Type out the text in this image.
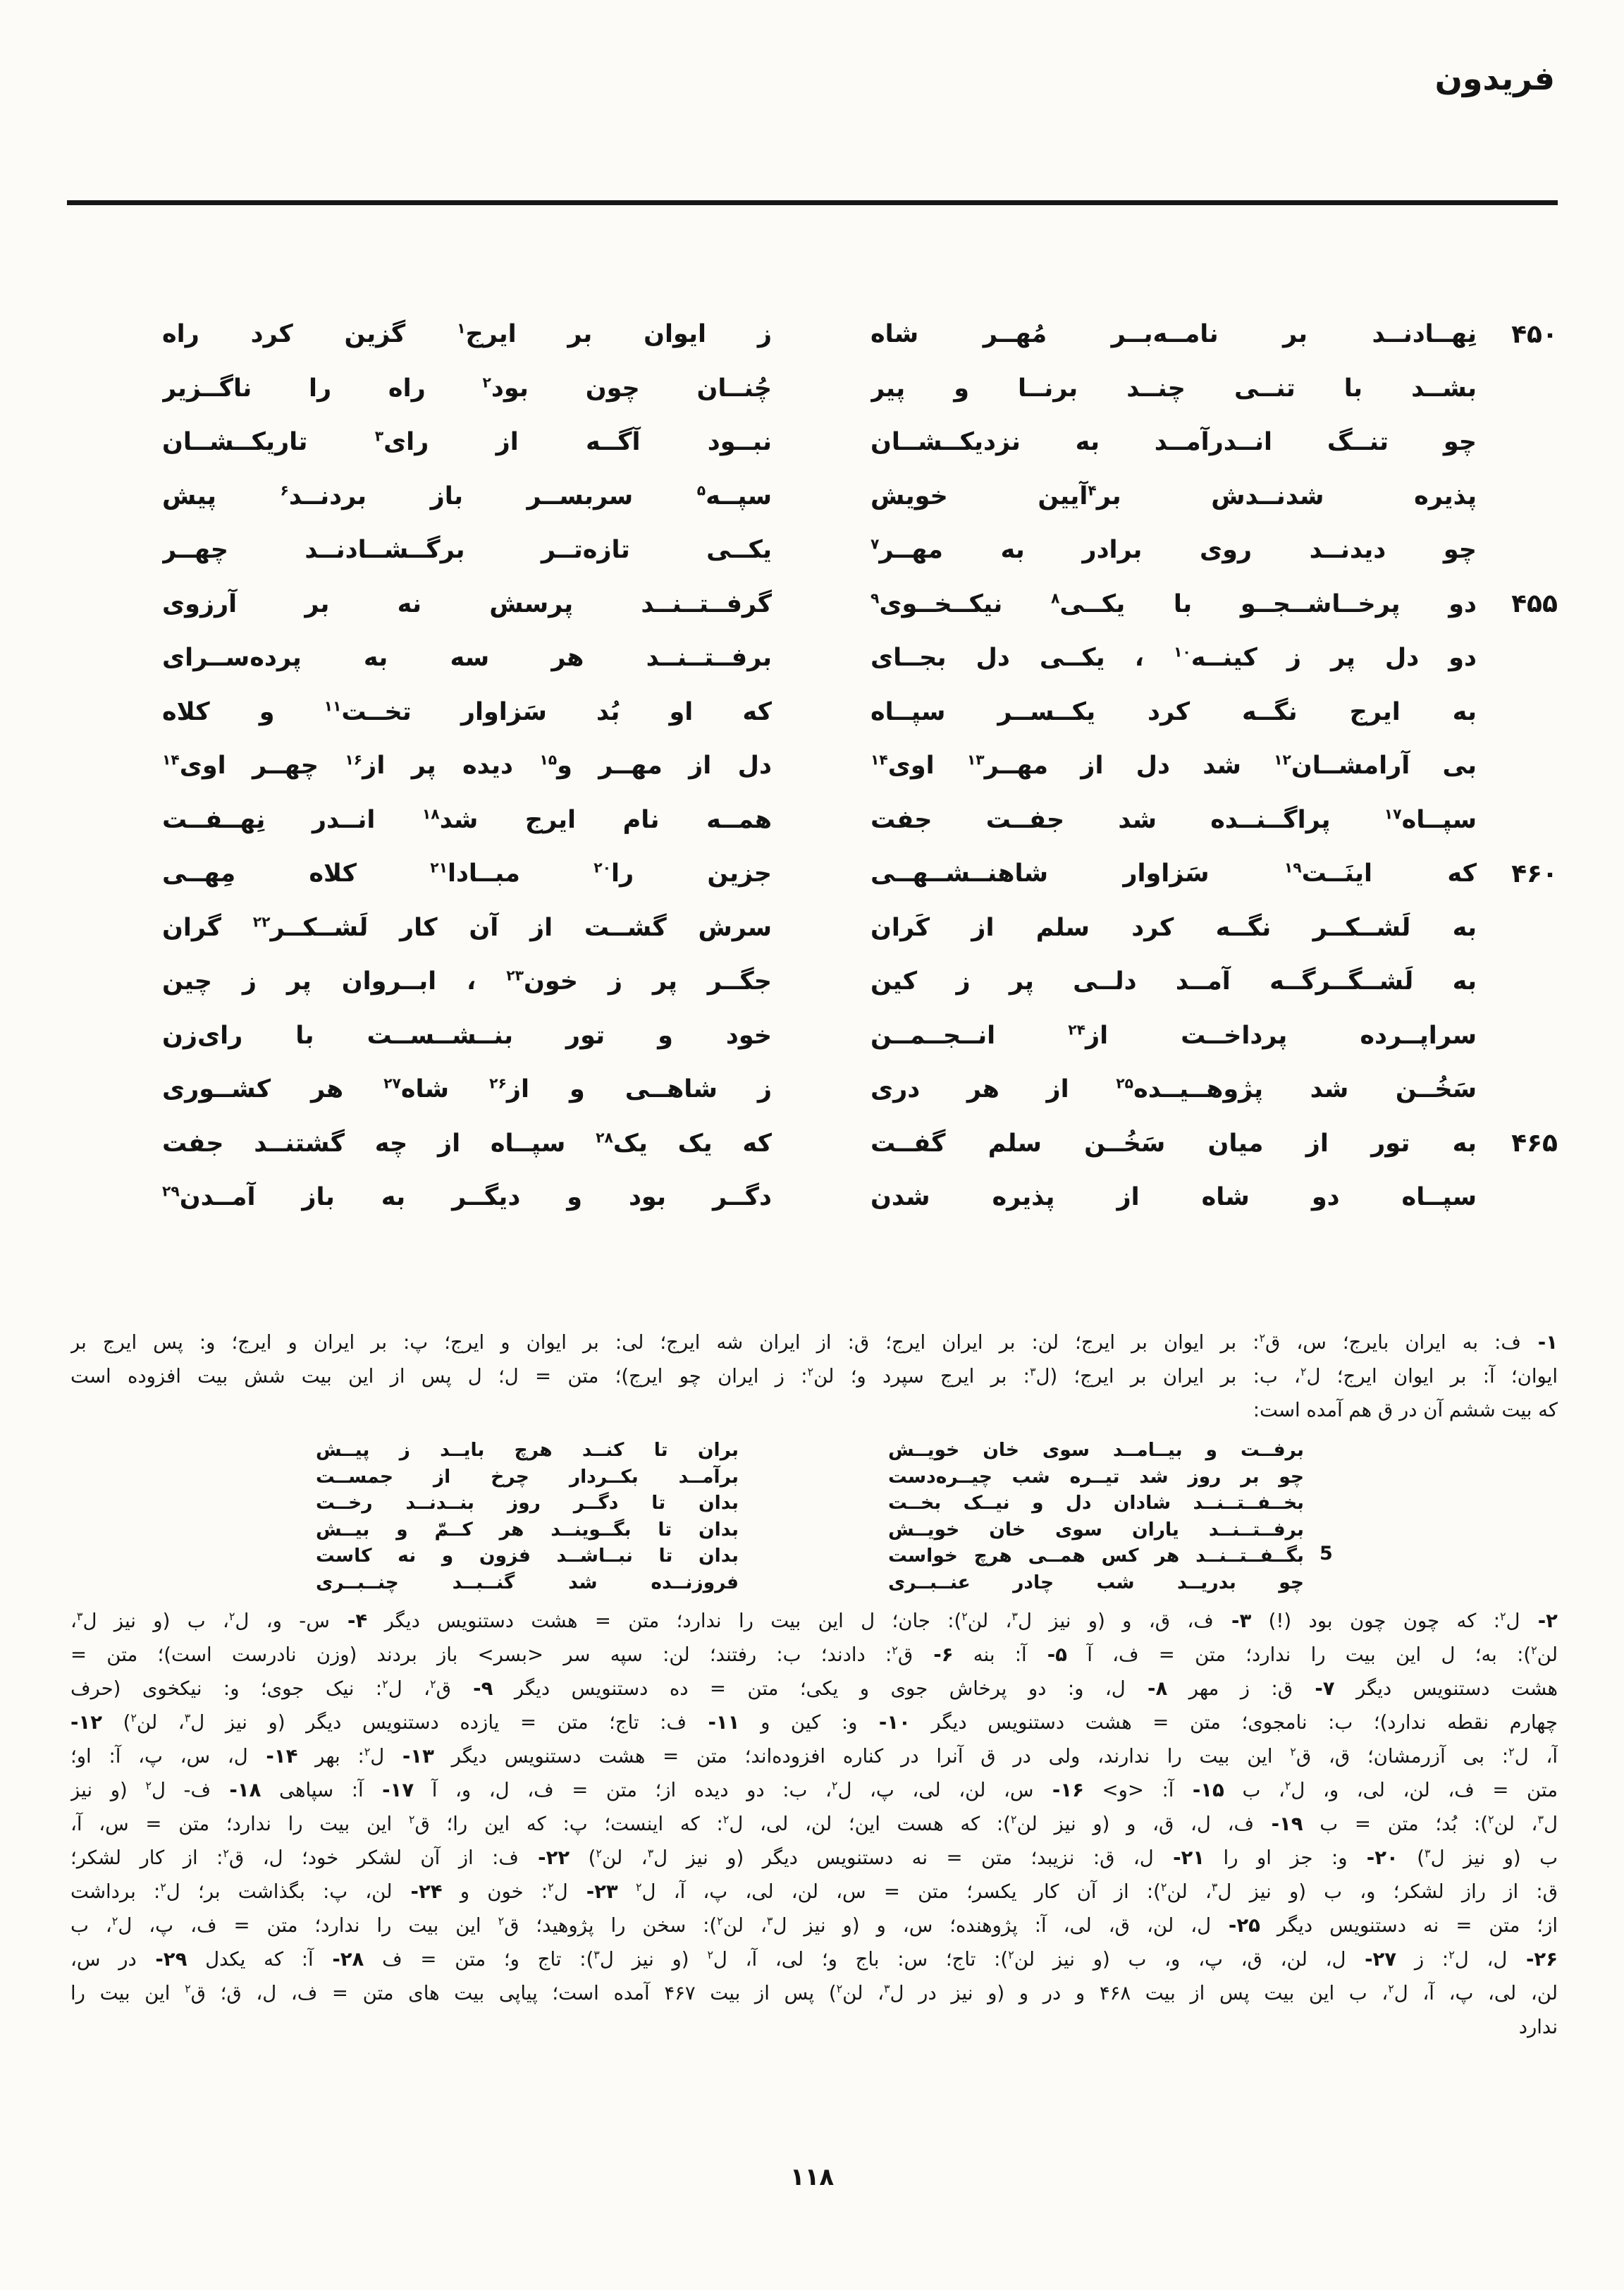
فریدون
۴۵۰
نِهــادنــد بر نامــه‌بــر مُهــر شاه
ز ایوان بر ایرج$^۱$ گزین کرد راه
بشــد با تنــی چنــد برنــا و پیر
چُنــان چون بود$^۲$ راه را ناگــزیر
چو تنــگ انــدرآمــد به نزدیکــشــان
نبــود آگــه از رای$^۳$ تاریکــشــان
پذیره شدنــدش بر$^۴$آیین خویش
سپــه$^۵$ سربســر باز بردنــد$^۶$ پیش
چو دیدنــد روی برادر به مهــر$^۷$
یکــی تازه‌تــر برگــشــادنــد چهــر
۴۵۵
دو پرخــاشــجــو با یکــی$^۸$ نیکــخــوی$^۹$
گرفــتــنــد پرسش نه بر آرزوی
دو دل پر ز کینــه$^{۱۰}$ ، یکــی دل بجــای
برفــتــنــد هر سه به پرده‌ســرای
به ایرج نگــه کرد یکــســر سپــاه
که او بُد سَزاوار تخــت$^{۱۱}$ و کلاه
بی آرامشــان$^{۱۲}$ شد دل از مهــر$^{۱۳}$ اوی$^{۱۴}$
دل از مهــر و$^{۱۵}$ دیده پر از$^{۱۶}$ چهــر اوی$^{۱۴}$
سپــاه$^{۱۷}$ پراگــنــده شد جفــت جفت
همــه نام ایرج شد$^{۱۸}$ انــدر نِهــفــت
۴۶۰
که اینَــت$^{۱۹}$ سَزاوار شاهنــشــهــی
جزین را$^{۲۰}$ مبــادا$^{۲۱}$ کلاه مِهــی
به لَشــکــر نگــه کرد سلم از کَران
سرش گشــت از آن کار لَشــکــر$^{۲۲}$ گران
به لَشــگــرگــه آمــد دلــی پر ز کین
جگــر پر ز خون$^{۲۳}$ ، ابــروان پر ز چین
سراپــرده پرداخــت از$^{۲۴}$ انــجــمــن
خود و تور بنــشــســت با رای‌زن
سَخُــن شد پژوهــیــده$^{۲۵}$ از هر دری
ز شاهــی و از$^{۲۶}$ شاه$^{۲۷}$ هر کشــوری
۴۶۵
به تور از میان سَخُــن سلم گفــت
که یک یک$^{۲۸}$ سپــاه از چه گشتنــد جفت
سپــاه دو شاه از پذیره شدن
دگــر بود و دیگــر به باز آمــدن$^{۲۹}$
۱- ف: به ایران بایرج؛ س، ق$^۲$: بر ایوان بر ایرج؛ لن: بر ایران ایرج؛ ق: از ایران شه ایرج؛ لی: بر ایوان و ایرج؛ پ: بر ایران و ایرج؛ و: پس ایرج بر
ایوان؛ آ: بر ایوان ایرج؛ ل$^۲$، ب: بر ایران بر ایرج؛ (ل$^۳$: بر ایرج سپرد و؛ لن$^۲$: ز ایران چو ایرج)؛ متن = ل؛ ل پس از این بیت شش بیت افزوده است
که بیت ششم آن در ق هم آمده است:
5
برفــت و بیــامــد سوی خان خویــش
بران تا کنــد هرچ بایــد ز پیــش
چو بر روز شد تیــره شب چیــره‌دست
برآمــد بکــردار چرخ از جمســت
بخــفــتــنــد شادان دل و نیــک بخــت
بدان تا دگــر روز بنــدنــد رخــت
برفــتــنــد یاران سوی خان خویــش
بدان تا بگــوینــد هر کــمّ و بیــش
بگــفــتــنــد هر کس همــی هرچ خواست
بدان تا نبــاشــد فزون و نه کاست
چو بدریــد شب چادر عنــبــری
فروزنــده شد گنــبــد چنــبــری
۲- ل$^۲$: که چون چون بود (!) ۳- ف، ق، و (و نیز ل$^۳$، لن$^۲$): جان؛ ل این بیت را ندارد؛ متن = هشت دستنویس دیگر ۴- س- و، ل$^۲$، ب (و نیز ل$^۳$،
لن$^۲$): به؛ ل این بیت را ندارد؛ متن = ف، آ ۵- آ: بنه ۶- ق$^۲$: دادند؛ ب: رفتند؛ لن: سپه سر <بسر> باز بردند (وزن نادرست است)؛ متن =
هشت دستنویس دیگر ۷- ق: ز مهر ۸- ل، و: دو پرخاش جوی و یکی؛ متن = ده دستنویس دیگر ۹- ق$^۲$، ل$^۲$: نیک جوی؛ و: نیکخوی (حرف
چهارم نقطه ندارد)؛ ب: نامجوی؛ متن = هشت دستنویس دیگر ۱۰- و: کین و ۱۱- ف: تاج؛ متن = یازده دستنویس دیگر (و نیز ل$^۳$، لن$^۲$) ۱۲-
آ، ل$^۲$: بی آزرمشان؛ ق، ق$^۲$ این بیت را ندارند، ولی در ق آنرا در کناره افزوده‌اند؛ متن = هشت دستنویس دیگر ۱۳- ل$^۲$: بهر ۱۴- ل، س، پ، آ: او؛
متن = ف، لن، لی، و، ل$^۲$، ب ۱۵- آ: <و> ۱۶- س، لن، لی، پ، ل$^۲$، ب: دو دیده از؛ متن = ف، ل، و، آ ۱۷- آ: سپاهی ۱۸- ف- ل$^۲$ (و نیز
ل$^۳$، لن$^۲$): بُد؛ متن = ب ۱۹- ف، ل، ق، و (و نیز لن$^۲$): که هست این؛ لن، لی، ل$^۲$: که اینست؛ پ: که این را؛ ق$^۲$ این بیت را ندارد؛ متن = س، آ،
ب (و نیز ل$^۳$) ۲۰- و: جز او را ۲۱- ل، ق: نزیبد؛ متن = نه دستنویس دیگر (و نیز ل$^۳$، لن$^۲$) ۲۲- ف: از آن لشکر خود؛ ل، ق$^۲$: از کار لشکر؛
ق: از راز لشکر؛ و، ب (و نیز ل$^۳$، لن$^۲$): از آن کار یکسر؛ متن = س، لن، لی، پ، آ، ل$^۲$ ۲۳- ل$^۲$: خون و ۲۴- لن، پ: بگذاشت بر؛ ل$^۲$: برداشت
از؛ متن = نه دستنویس دیگر ۲۵- ل، لن، ق، لی، آ: پژوهنده؛ س، و (و نیز ل$^۳$، لن$^۲$): سخن را پژوهید؛ ق$^۲$ این بیت را ندارد؛ متن = ف، پ، ل$^۲$، ب
۲۶- ل، ل$^۲$: ز ۲۷- ل، لن، ق، پ، و، ب (و نیز لن$^۲$): تاج؛ س: باج و؛ لی، آ، ل$^۲$ (و نیز ل$^۳$): تاج و؛ متن = ف ۲۸- آ: که یکدل ۲۹- در س،
لن، لی، پ، آ، ل$^۲$، ب این بیت پس از بیت ۴۶۸ و در و (و نیز در ل$^۳$، لن$^۲$) پس از بیت ۴۶۷ آمده است؛ پیاپی بیت های متن = ف، ل، ق؛ ق$^۲$ این بیت را
ندارد
۱۱۸
